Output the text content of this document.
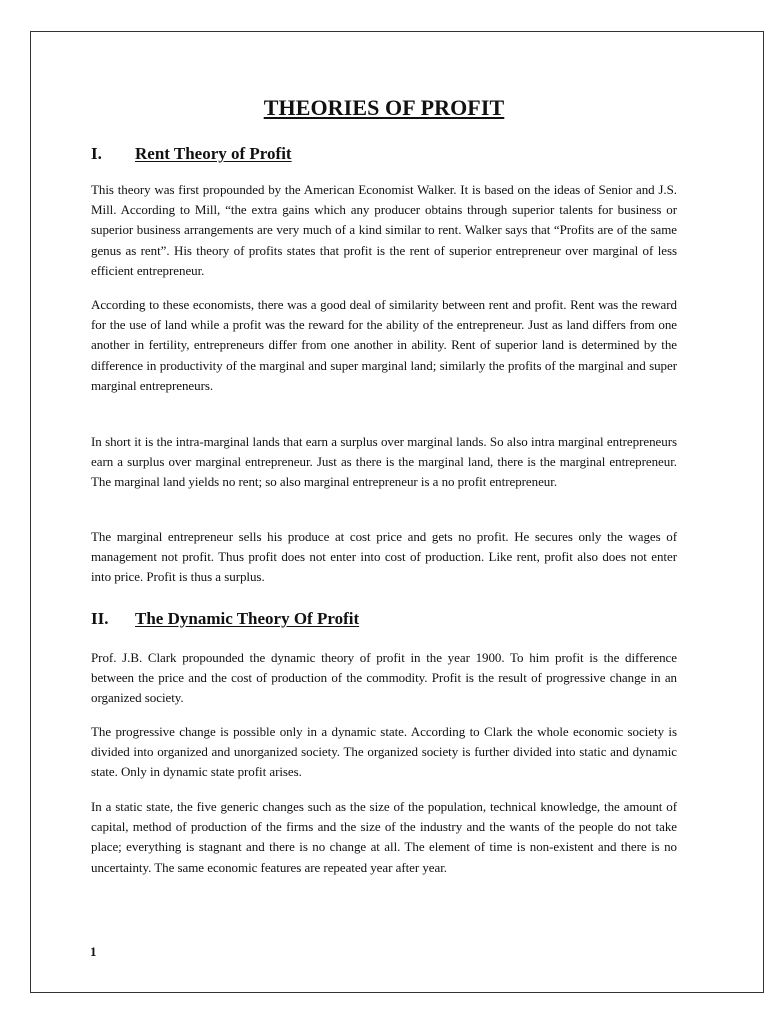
THEORIES OF PROFIT
I. Rent Theory of Profit

This theory was first propounded by the American Economist Walker. It is based on the ideas of Senior and J.S. Mill. According to Mill, “the extra gains which any producer obtains through superior talents for business or superior business arrangements are very much of a kind similar to rent. Walker says that “Profits are of the same genus as rent”. His theory of profits states that profit is the rent of superior entrepreneur over marginal of less efficient entrepreneur.

According to these economists, there was a good deal of similarity between rent and profit. Rent was the reward for the use of land while a profit was the reward for the ability of the entrepreneur. Just as land differs from one another in fertility, entrepreneurs differ from one another in ability. Rent of superior land is determined by the difference in productivity of the marginal and super marginal land; similarly the profits of the marginal and super marginal entrepreneurs.

In short it is the intra-marginal lands that earn a surplus over marginal lands. So also intra marginal entrepreneurs earn a surplus over marginal entrepreneur. Just as there is the marginal land, there is the marginal entrepreneur. The marginal land yields no rent; so also marginal entrepreneur is a no profit entrepreneur.

The marginal entrepreneur sells his produce at cost price and gets no profit. He secures only the wages of management not profit. Thus profit does not enter into cost of production. Like rent, profit also does not enter into price. Profit is thus a surplus.

II. The Dynamic Theory Of Profit

Prof. J.B. Clark propounded the dynamic theory of profit in the year 1900. To him profit is the difference between the price and the cost of production of the commodity. Profit is the result of progressive change in an organized society.

The progressive change is possible only in a dynamic state. According to Clark the whole economic society is divided into organized and unorganized society. The organized society is further divided into static and dynamic state. Only in dynamic state profit arises.

In a static state, the five generic changes such as the size of the population, technical knowledge, the amount of capital, method of production of the firms and the size of the industry and the wants of the people do not take place; everything is stagnant and there is no change at all. The element of time is non-existent and there is no uncertainty. The same economic features are repeated year after year.

1
